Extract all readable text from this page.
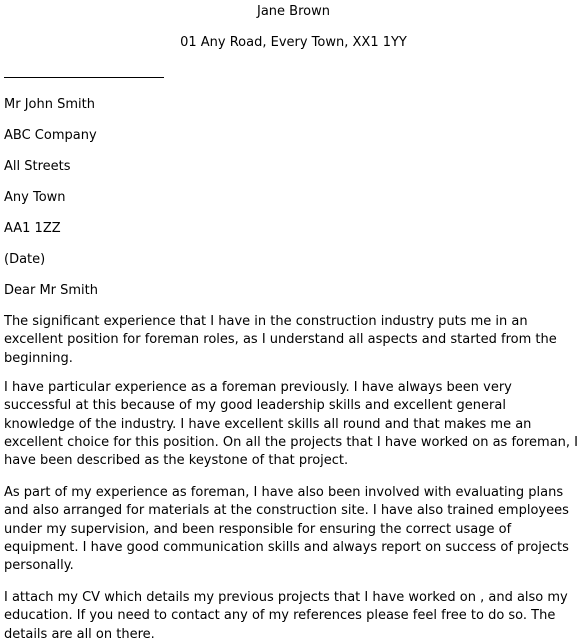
Jane Brown

01 Any Road, Every Town, XX1 1YY

Mr John Smith

ABC Company

All Streets

Any Town

AA1 1ZZ

(Date)

Dear Mr Smith

The significant experience that I have in the construction industry puts me in an excellent position for foreman roles, as I understand all aspects and started from the beginning.

I have particular experience as a foreman previously. I have always been very successful at this because of my good leadership skills and excellent general knowledge of the industry. I have excellent skills all round and that makes me an excellent choice for this position. On all the projects that I have worked on as foreman, I have been described as the keystone of that project.

As part of my experience as foreman, I have also been involved with evaluating plans and also arranged for materials at the construction site. I have also trained employees under my supervision, and been responsible for ensuring the correct usage of equipment. I have good communication skills and always report on success of projects personally.

I attach my CV which details my previous projects that I have worked on , and also my education. If you need to contact any of my references please feel free to do so. The details are all on there.
